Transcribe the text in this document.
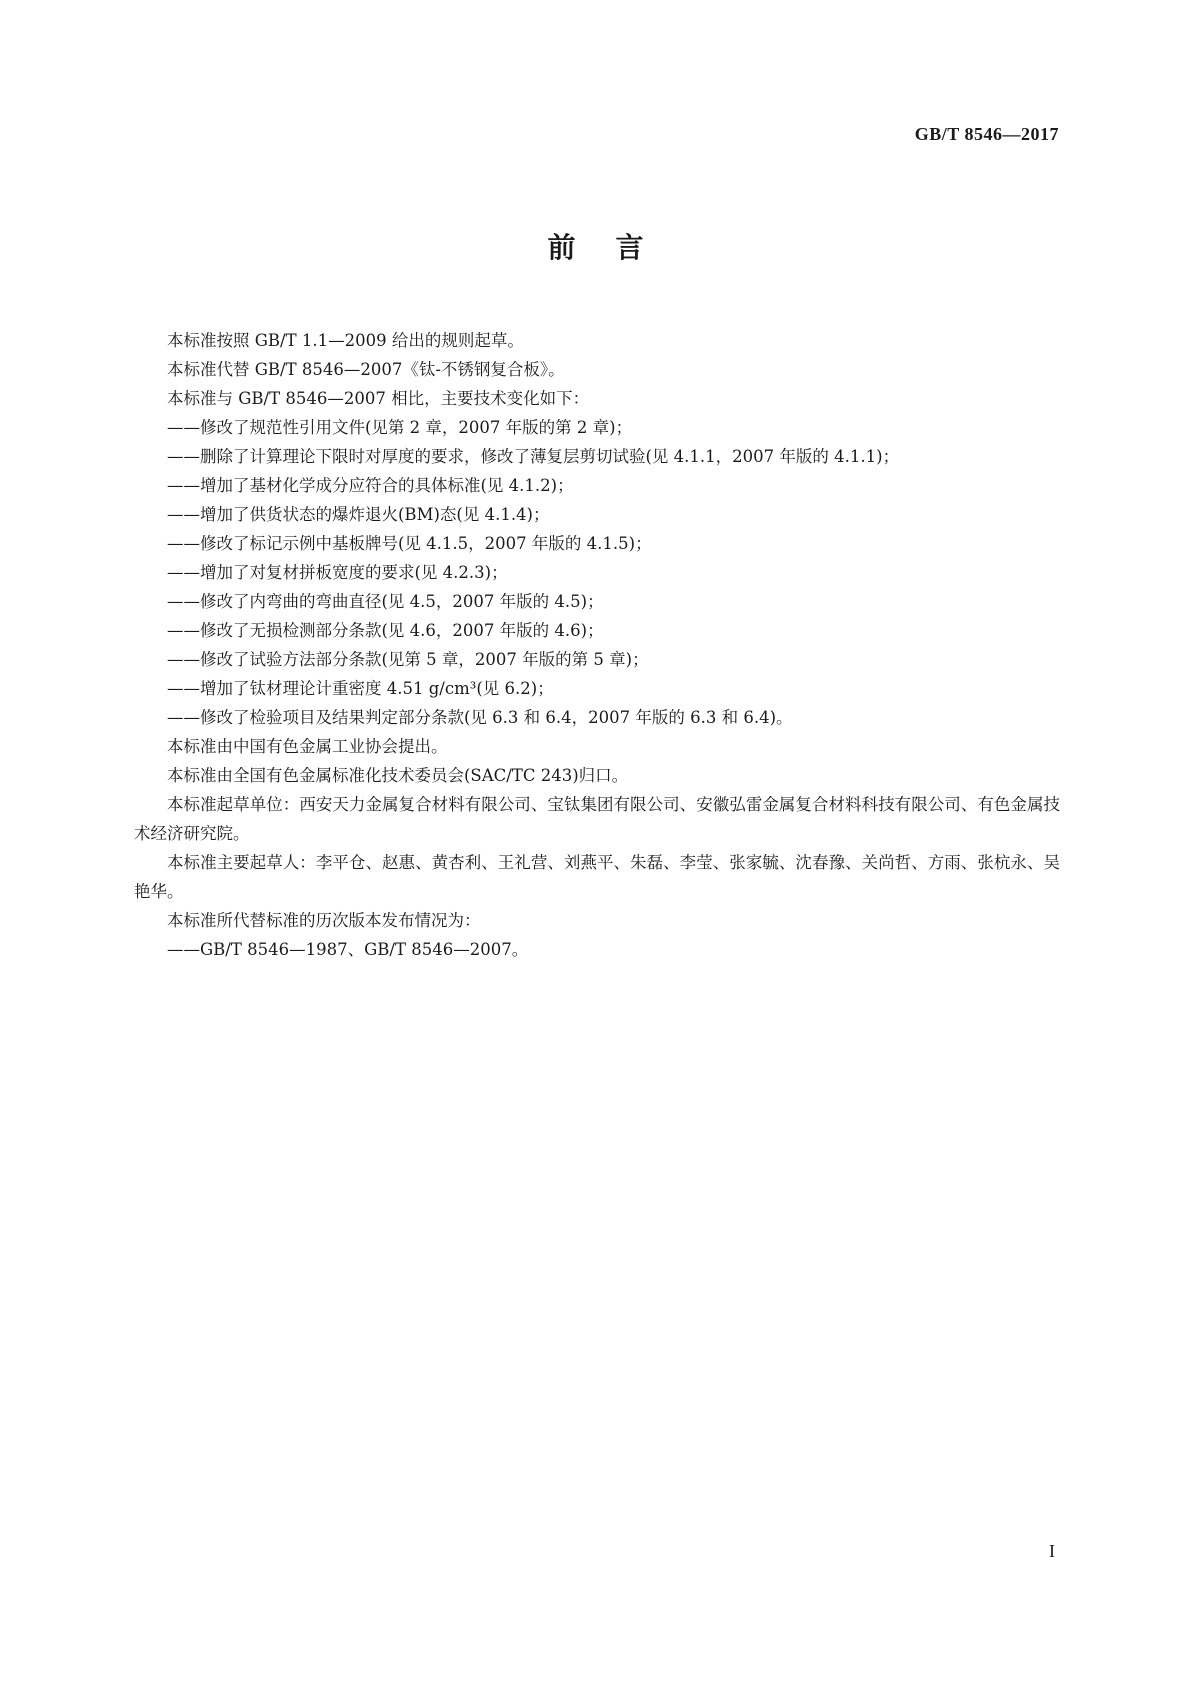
GB/T 8546—2017
前言

本标准按照 GB/T 1.1—2009 给出的规则起草。

本标准代替 GB/T 8546—2007《钛-不锈钢复合板》。

本标准与 GB/T 8546—2007 相比，主要技术变化如下：

——修改了规范性引用文件(见第 2 章，2007 年版的第 2 章)；

——删除了计算理论下限时对厚度的要求，修改了薄复层剪切试验(见 4.1.1，2007 年版的 4.1.1)；

——增加了基材化学成分应符合的具体标准(见 4.1.2)；

——增加了供货状态的爆炸退火(BM)态(见 4.1.4)；

——修改了标记示例中基板牌号(见 4.1.5，2007 年版的 4.1.5)；

——增加了对复材拼板宽度的要求(见 4.2.3)；

——修改了内弯曲的弯曲直径(见 4.5，2007 年版的 4.5)；

——修改了无损检测部分条款(见 4.6，2007 年版的 4.6)；

——修改了试验方法部分条款(见第 5 章，2007 年版的第 5 章)；

——增加了钛材理论计重密度 4.51 g/cm³(见 6.2)；

——修改了检验项目及结果判定部分条款(见 6.3 和 6.4，2007 年版的 6.3 和 6.4)。

本标准由中国有色金属工业协会提出。

本标准由全国有色金属标准化技术委员会(SAC/TC 243)归口。

本标准起草单位：西安天力金属复合材料有限公司、宝钛集团有限公司、安徽弘雷金属复合材料科技有限公司、有色金属技术经济研究院。

本标准主要起草人：李平仓、赵惠、黄杏利、王礼营、刘燕平、朱磊、李莹、张家毓、沈春豫、关尚哲、方雨、张杭永、吴艳华。

本标准所代替标准的历次版本发布情况为：

——GB/T 8546—1987、GB/T 8546—2007。

I
